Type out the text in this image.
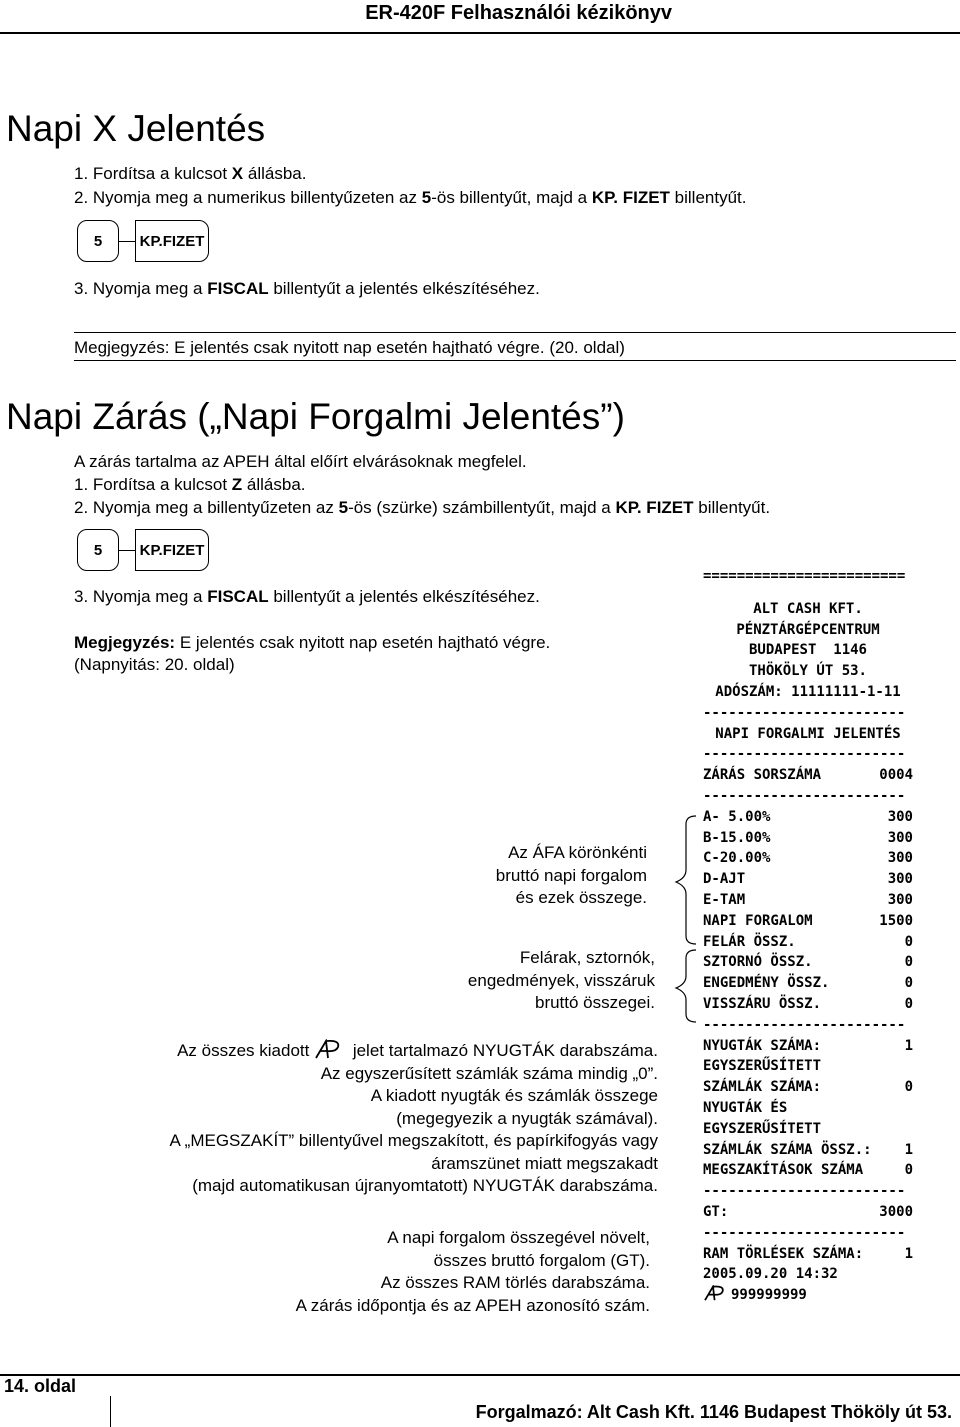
ER-420F Felhasználói kézikönyv
Napi X Jelentés
1. Fordítsa a kulcsot X állásba.
2. Nyomja meg a numerikus billentyűzeten az 5-ös billentyűt, majd a KP. FIZET billentyűt.
5	KP.FIZET
3. Nyomja meg a FISCAL billentyűt a jelentés elkészítéséhez.
Megjegyzés: E jelentés csak nyitott nap esetén hajtható végre. (20. oldal)
Napi Zárás („Napi Forgalmi Jelentés”)
A zárás tartalma az APEH által előírt elvárásoknak megfelel.
1. Fordítsa a kulcsot Z állásba.
2. Nyomja meg a billentyűzeten az 5-ös (szürke) számbillentyűt, majd a KP. FIZET billentyűt.
5	KP.FIZET
3. Nyomja meg a FISCAL billentyűt a jelentés elkészítéséhez.
Megjegyzés: E jelentés csak nyitott nap esetén hajtható végre.
(Napnyitás: 20. oldal)
Az ÁFA körönkénti
bruttó napi forgalom
és ezek összege.
Felárak, sztornók,
engedmények, visszáruk
bruttó összegei.
Az összes kiadott  jelet tartalmazó NYUGTÁK darabszáma.
Az egyszerűsített számlák száma mindig „0”.
A kiadott nyugták és számlák összege
(megegyezik a nyugták számával).
A „MEGSZAKÍT” billentyűvel megszakított, és papírkifogyás vagy
áramszünet miatt megszakadt
(majd automatikusan újranyomtatott) NYUGTÁK darabszáma.
A napi forgalom összegével növelt,
összes bruttó forgalom (GT).
Az összes RAM törlés darabszáma.
A zárás időpontja és az APEH azonosító szám.
========================
ALT CASH KFT.
PÉNZTÁRGÉPCENTRUM
BUDAPEST  1146
THÖKÖLY ÚT 53.
ADÓSZÁM: 11111111-1-11
------------------------
NAPI FORGALMI JELENTÉS
------------------------
ZÁRÁS SORSZÁMA	0004
------------------------
A- 5.00%	300
B-15.00%	300
C-20.00%	300
D-AJT	300
E-TAM	300
NAPI FORGALOM	1500
FELÁR ÖSSZ.	0
SZTORNÓ ÖSSZ.	0
ENGEDMÉNY ÖSSZ.	0
VISSZÁRU ÖSSZ.	0
------------------------
NYUGTÁK SZÁMA:	1
EGYSZERŰSÍTETT
SZÁMLÁK SZÁMA:	0
NYUGTÁK ÉS
EGYSZERŰSÍTETT
SZÁMLÁK SZÁMA ÖSSZ.: 1
MEGSZAKÍTÁSOK SZÁMA	0
------------------------
GT:	3000
------------------------
RAM TÖRLÉSEK SZÁMA:	1
2005.09.20 14:32
999999999
14. oldal
Forgalmazó: Alt Cash Kft. 1146 Budapest Thököly út 53.
